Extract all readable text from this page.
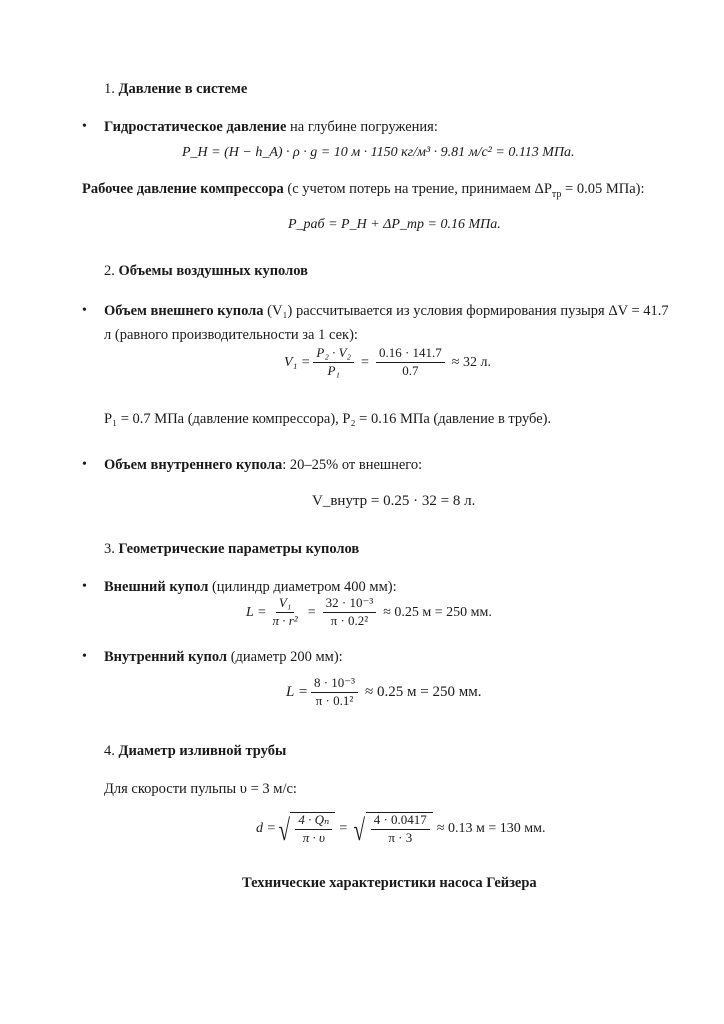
1. Давление в системе
• Гидростатическое давление на глубине погружения:
P_H = (H − h_A) · ρ · g = 10 м · 1150 кг/м³ · 9.81 м/с² = 0.113 МПа.
Рабочее давление компрессора (с учетом потерь на трение, принимаем $\Delta P_{тр} = 0.05$ МПа):
P_раб = P_H + ΔP_тр = 0.16 МПа.
2. Объемы воздушных куполов
• Объем внешнего купола (V₁) рассчитывается из условия формирования пузыря ΔV = 41.7
л (равного производительности за 1 сек):
$V_1 = \frac{\text{P₂ · V₂}}{\text{P₁}} = \frac{0.16 \cdot 141.7}{0.7} \approx 32$ л.
P₁ = 0.7 МПа (давление компрессора), P₂ = 0.16 МПа (давление в трубе).
• Объем внутреннего купола: 20–25% от внешнего:
V_внутр = 0.25 · 32 = 8 л.
3. Геометрические параметры куполов
• Внешний купол (цилиндр диаметром 400 мм):
$L = \frac{\text{V₁}}{\text{π · r²}} = \frac{\text{32 · 10⁻³}}{\text{π · 0.2²}} \approx 0.25$ м = 250 мм.
• Внутренний купол (диаметр 200 мм):
$L = \frac{\text{8 · 10⁻³}}{\text{π · 0.1²}} \approx 0.25$ м = 250 мм.
4. Диаметр изливной трубы
Для скорости пульпы υ = 3 м/с:
d = √ $\frac{\text{4 · Qₙ}}{\pi \cdot \upsilon}$ = √ $\frac{4 \cdot 0.0417}{\pi \cdot 3} \approx 0.13$ м = 130 мм.
Технические характеристики насоса Гейзера
